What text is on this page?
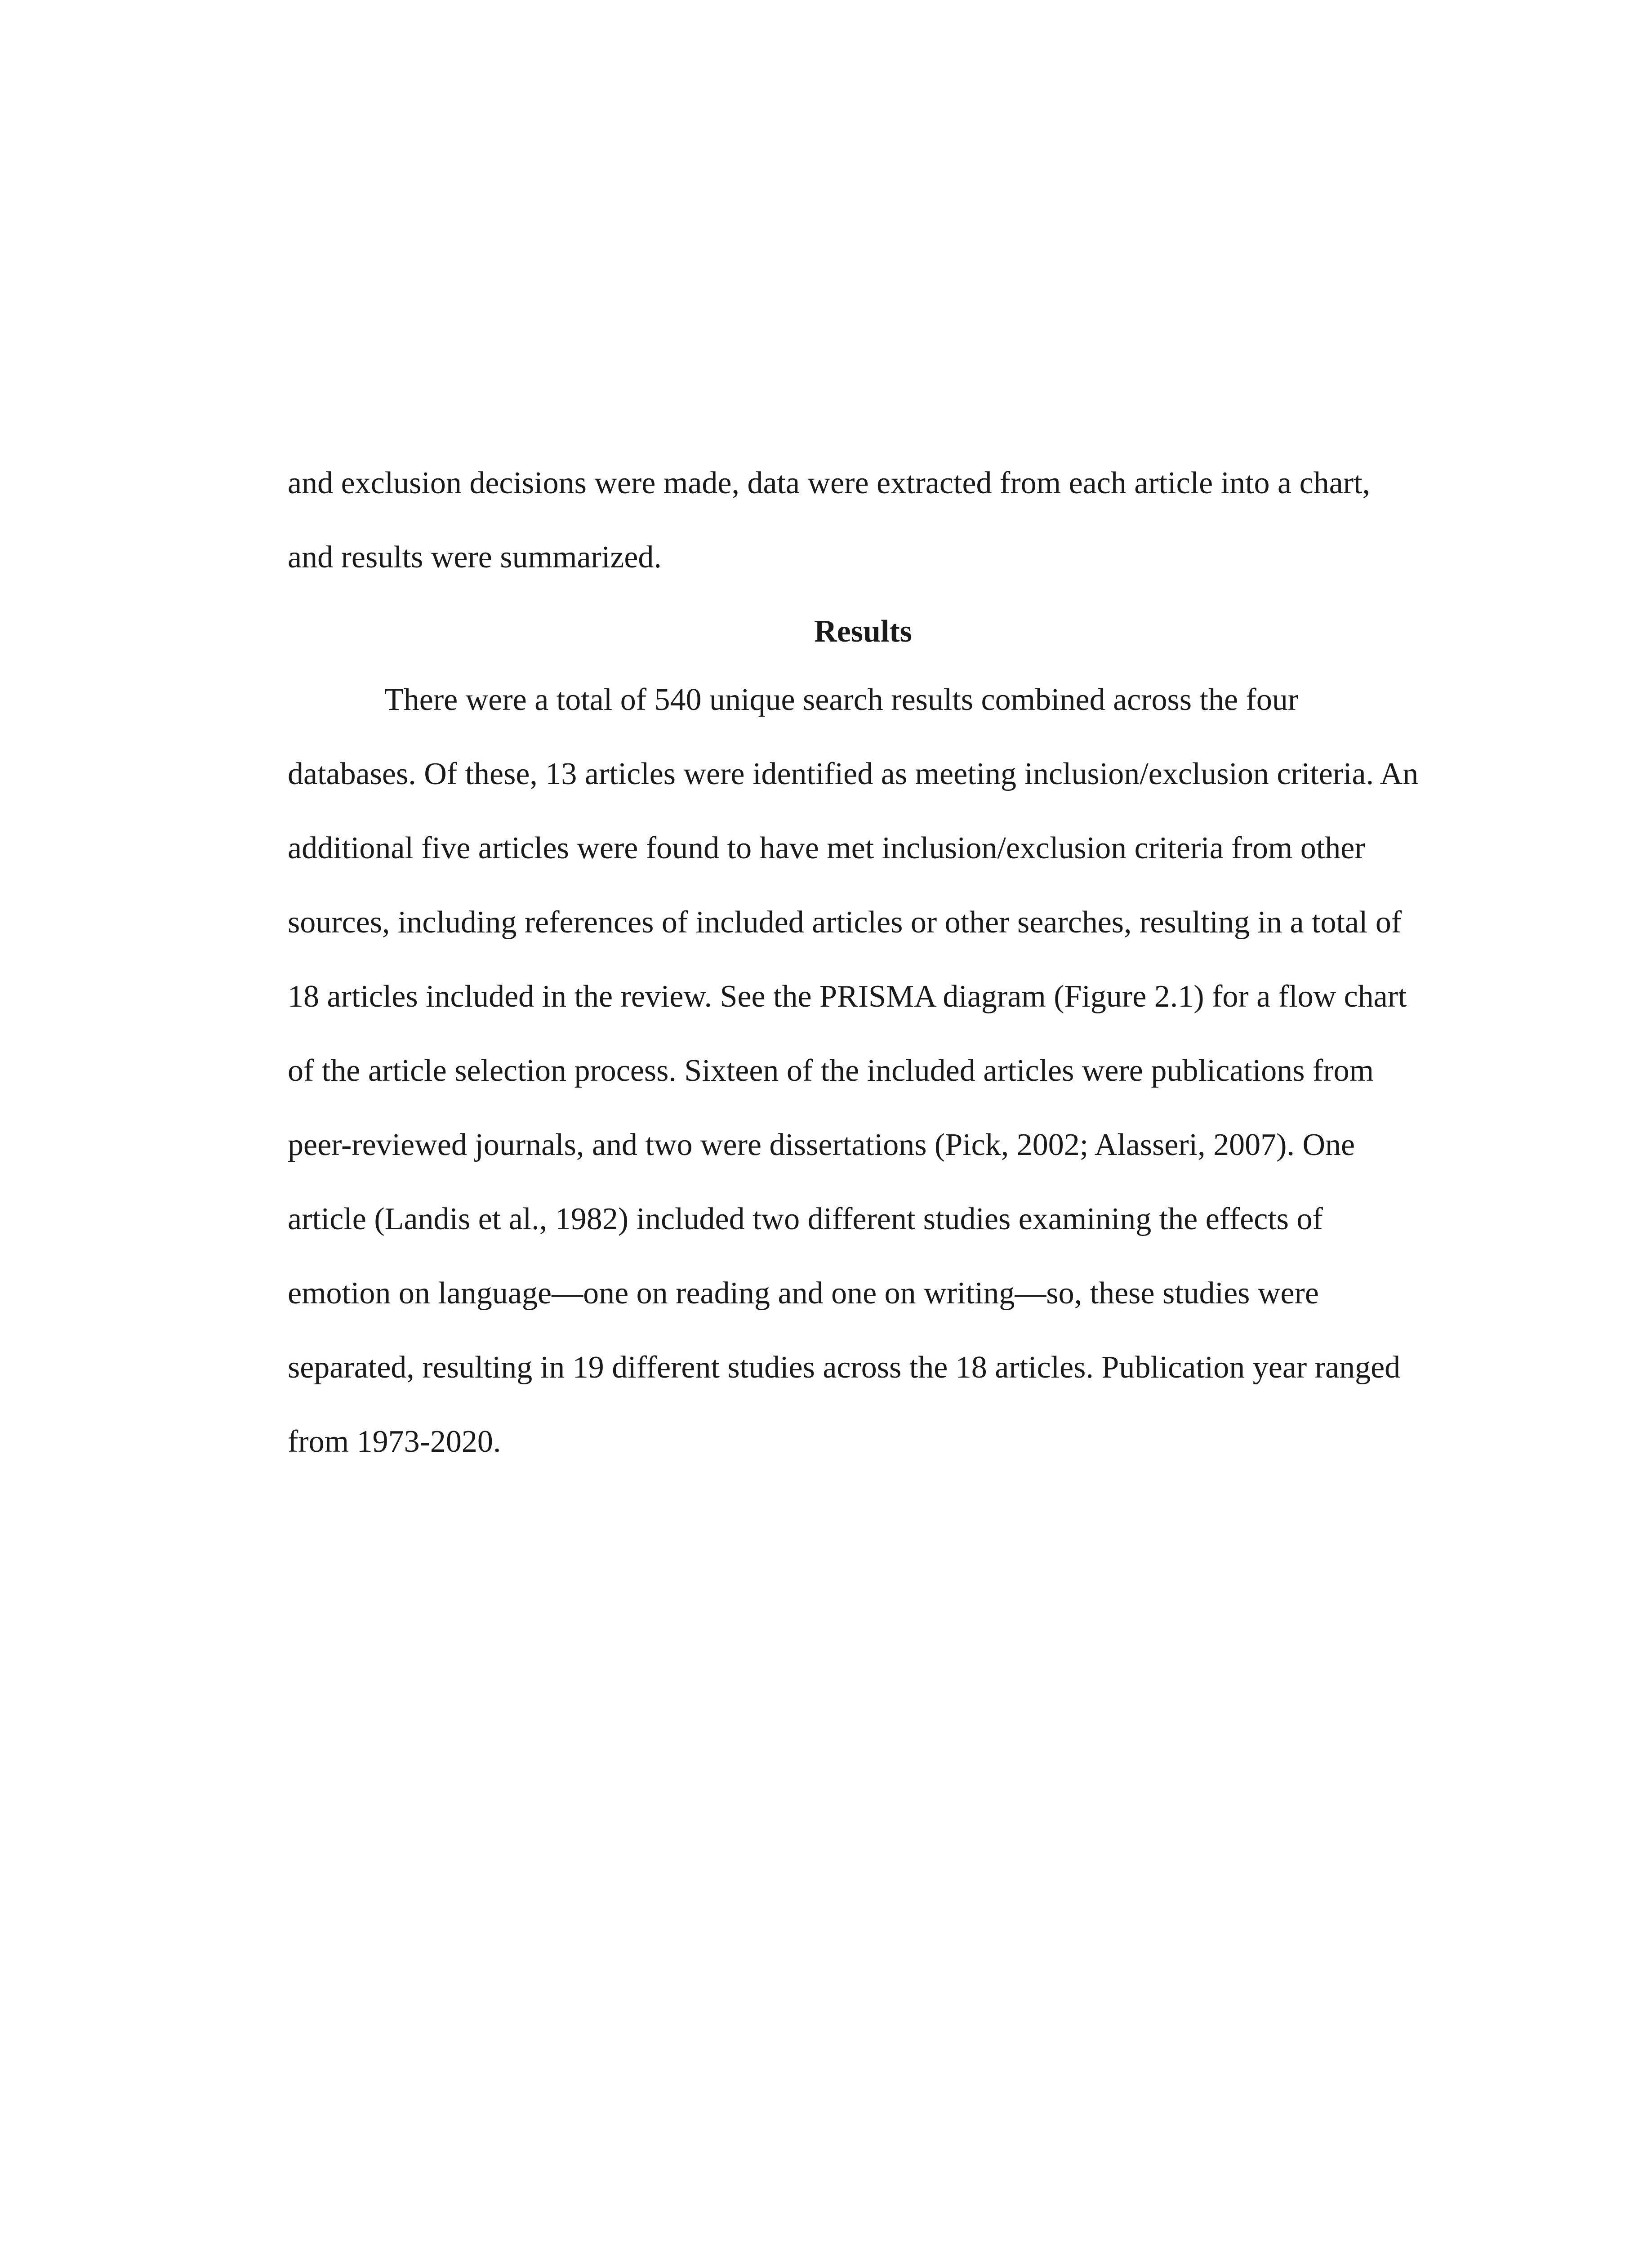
and exclusion decisions were made, data were extracted from each article into a chart,
and results were summarized.
Results
There were a total of 540 unique search results combined across the four
databases. Of these, 13 articles were identified as meeting inclusion/exclusion criteria. An
additional five articles were found to have met inclusion/exclusion criteria from other
sources, including references of included articles or other searches, resulting in a total of
18 articles included in the review. See the PRISMA diagram (Figure 2.1) for a flow chart
of the article selection process. Sixteen of the included articles were publications from
peer-reviewed journals, and two were dissertations (Pick, 2002; Alasseri, 2007). One
article (Landis et al., 1982) included two different studies examining the effects of
emotion on language—one on reading and one on writing—so, these studies were
separated, resulting in 19 different studies across the 18 articles. Publication year ranged
from 1973-2020.
